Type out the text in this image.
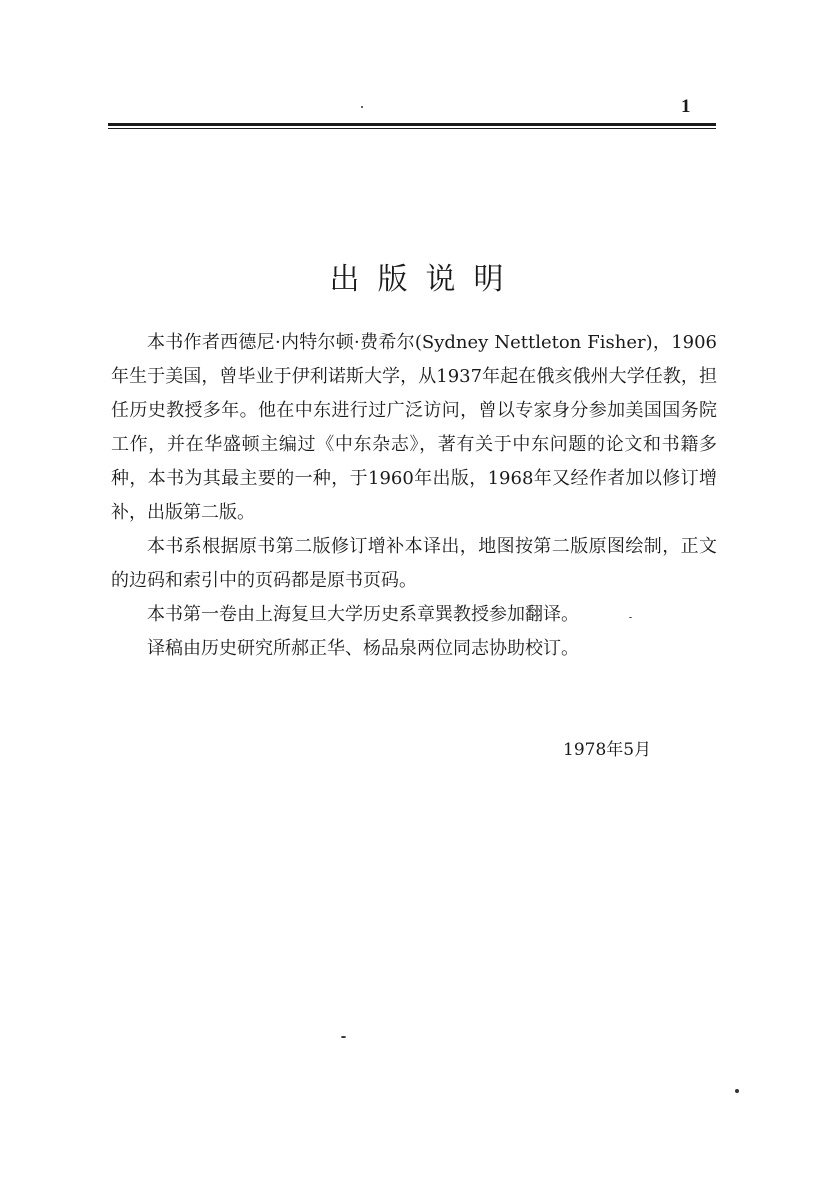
1
出版说明

本书作者西德尼·内特尔顿·费希尔(Sydney Nettleton Fisher)，1906年生于美国，曾毕业于伊利诺斯大学，从1937年起在俄亥俄州大学任教，担任历史教授多年。他在中东进行过广泛访问，曾以专家身分参加美国国务院工作，并在华盛顿主编过《中东杂志》，著有关于中东问题的论文和书籍多种，本书为其最主要的一种，于1960年出版，1968年又经作者加以修订增补，出版第二版。

本书系根据原书第二版修订增补本译出，地图按第二版原图绘制，正文的边码和索引中的页码都是原书页码。

本书第一卷由上海复旦大学历史系章巽教授参加翻译。

译稿由历史研究所郝正华、杨品泉两位同志协助校订。

1978年5月
